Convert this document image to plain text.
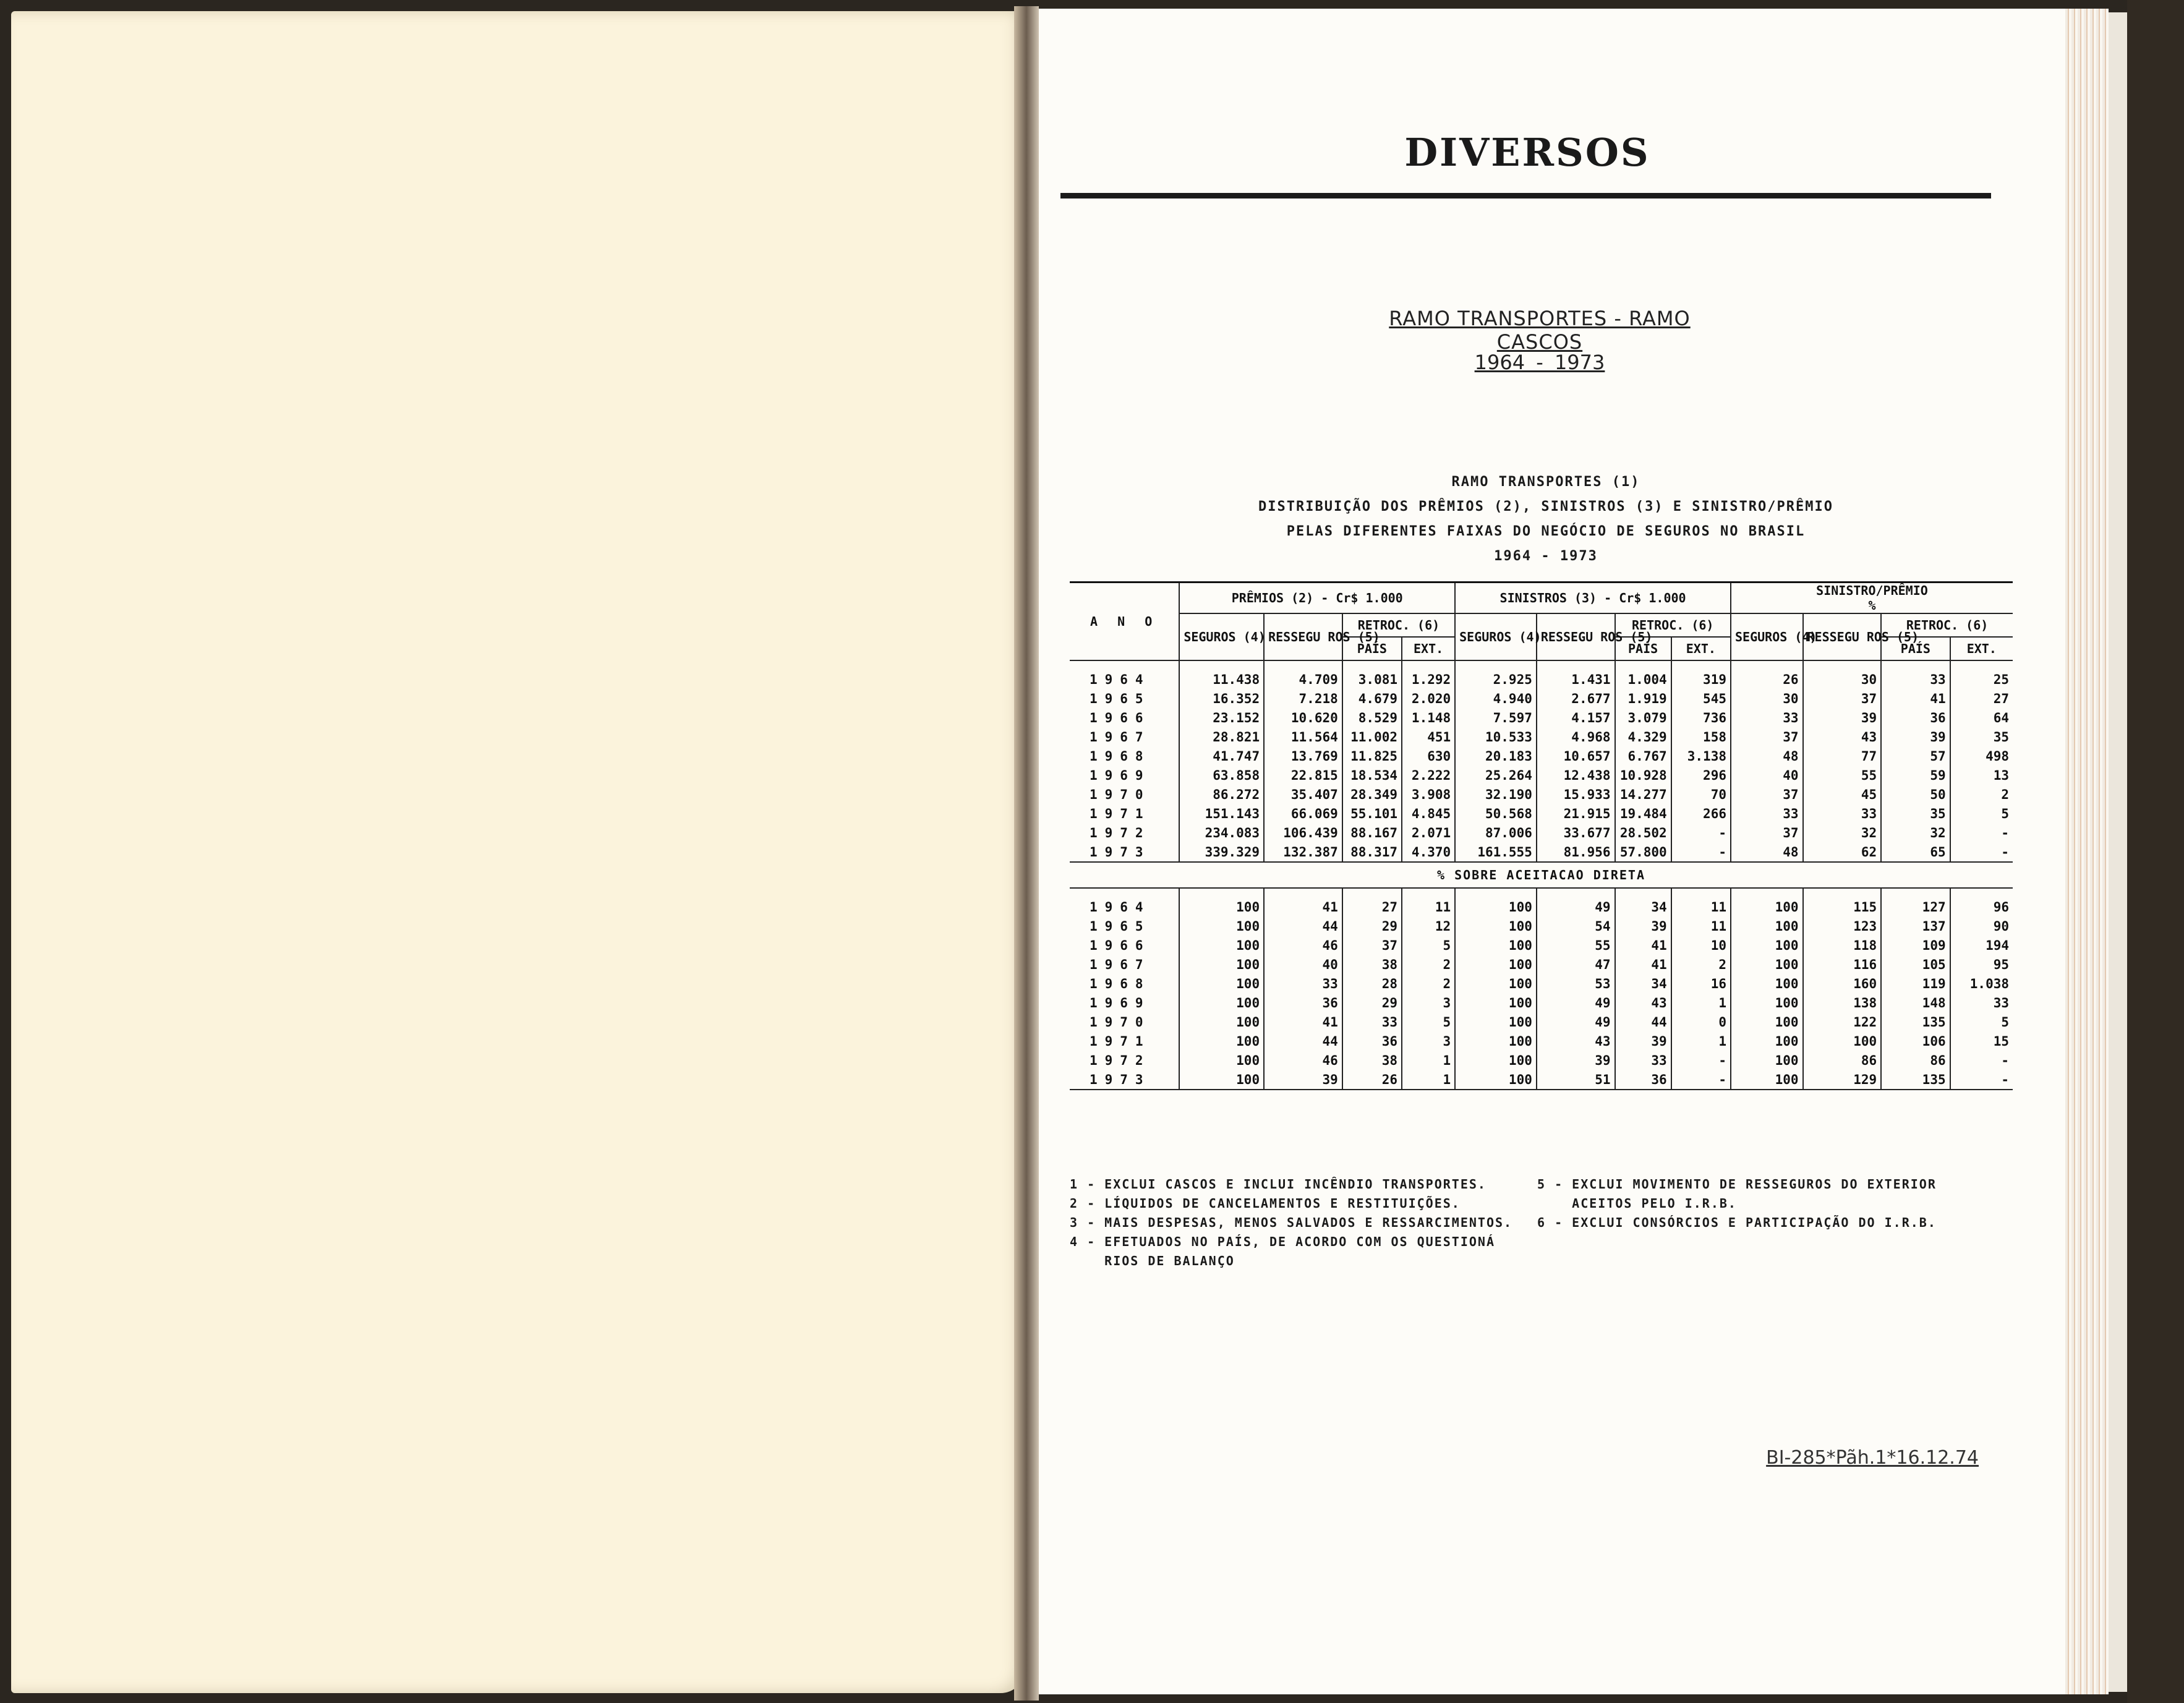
DIVERSOS
RAMO TRANSPORTES - RAMO CASCOS
1964 - 1973
RAMO TRANSPORTES (1)
DISTRIBUIÇÃO DOS PRÊMIOS (2), SINISTROS (3) E SINISTRO/PRÊMIO
PELAS DIFERENTES FAIXAS DO NEGÓCIO DE SEGUROS NO BRASIL
1964 - 1973
A N O	PRÊMIOS (2) - Cr$ 1.000				SINISTROS (3) - Cr$ 1.000				SINISTRO/PRÊMIO
%			
	SEGUROS (4)	RESSEGU ROS (5)	RETROC. (6)		SEGUROS (4)	RESSEGU ROS (5)	RETROC. (6)		SEGUROS (4)	RESSEGU ROS (5)	RETROC. (6)	
			PAÍS	EXT.			PAÍS	EXT.			PAÍS	EXT.
1964	11.438	4.709	3.081	1.292	2.925	1.431	1.004	319	26	30	33	25
1965	16.352	7.218	4.679	2.020	4.940	2.677	1.919	545	30	37	41	27
1966	23.152	10.620	8.529	1.148	7.597	4.157	3.079	736	33	39	36	64
1967	28.821	11.564	11.002	451	10.533	4.968	4.329	158	37	43	39	35
1968	41.747	13.769	11.825	630	20.183	10.657	6.767	3.138	48	77	57	498
1969	63.858	22.815	18.534	2.222	25.264	12.438	10.928	296	40	55	59	13
1970	86.272	35.407	28.349	3.908	32.190	15.933	14.277	70	37	45	50	2
1971	151.143	66.069	55.101	4.845	50.568	21.915	19.484	266	33	33	35	5
1972	234.083	106.439	88.167	2.071	87.006	33.677	28.502	-	37	32	32	-
1973	339.329	132.387	88.317	4.370	161.555	81.956	57.800	-	48	62	65	-
% SOBRE ACEITACAO DIRETA												
1964	100	41	27	11	100	49	34	11	100	115	127	96
1965	100	44	29	12	100	54	39	11	100	123	137	90
1966	100	46	37	5	100	55	41	10	100	118	109	194
1967	100	40	38	2	100	47	41	2	100	116	105	95
1968	100	33	28	2	100	53	34	16	100	160	119	1.038
1969	100	36	29	3	100	49	43	1	100	138	148	33
1970	100	41	33	5	100	49	44	0	100	122	135	5
1971	100	44	36	3	100	43	39	1	100	100	106	15
1972	100	46	38	1	100	39	33	-	100	86	86	-
1973	100	39	26	1	100	51	36	-	100	129	135	-
1 - EXCLUI CASCOS E INCLUI INCÊNDIO TRANSPORTES.
2 - LÍQUIDOS DE CANCELAMENTOS E RESTITUIÇÕES.
3 - MAIS DESPESAS, MENOS SALVADOS E RESSARCIMENTOS.
4 - EFETUADOS NO PAÍS, DE ACORDO COM OS QUESTIONÁ
RIOS DE BALANÇO
5 - EXCLUI MOVIMENTO DE RESSEGUROS DO EXTERIOR
ACEITOS PELO I.R.B.
6 - EXCLUI CONSÓRCIOS E PARTICIPAÇÃO DO I.R.B.
BI-285*Pãh.1*16.12.74
